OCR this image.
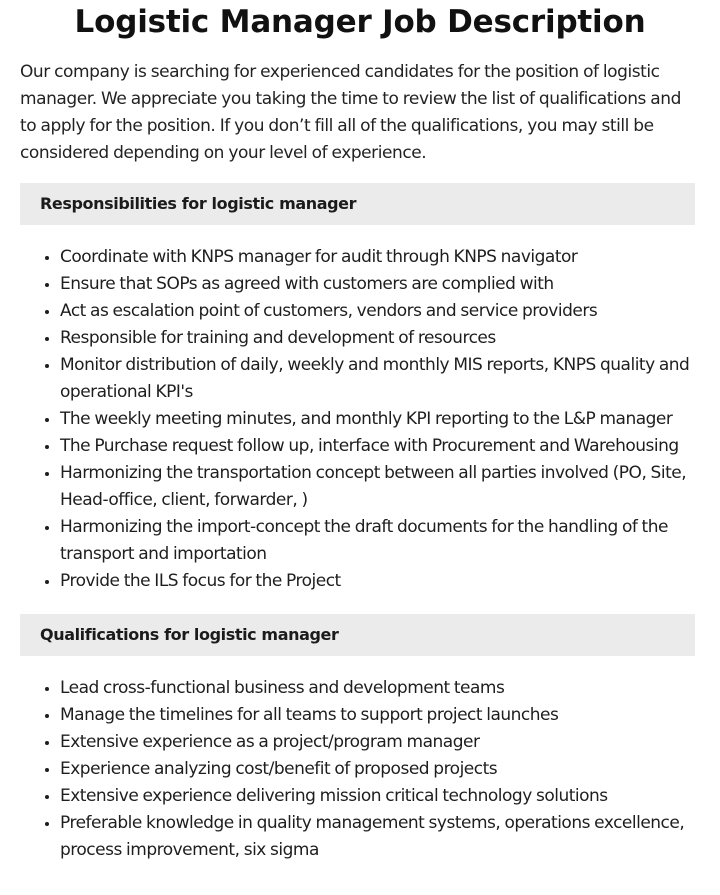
Logistic Manager Job Description

Our company is searching for experienced candidates for the position of logistic manager. We appreciate you taking the time to review the list of qualifications and to apply for the position. If you don’t fill all of the qualifications, you may still be considered depending on your level of experience.

Responsibilities for logistic manager
• Coordinate with KNPS manager for audit through KNPS navigator
• Ensure that SOPs as agreed with customers are complied with
• Act as escalation point of customers, vendors and service providers
• Responsible for training and development of resources
• Monitor distribution of daily, weekly and monthly MIS reports, KNPS quality and operational KPI's
• The weekly meeting minutes, and monthly KPI reporting to the L&P manager
• The Purchase request follow up, interface with Procurement and Warehousing
• Harmonizing the transportation concept between all parties involved (PO, Site, Head-office, client, forwarder, )
• Harmonizing the import-concept the draft documents for the handling of the transport and importation
• Provide the ILS focus for the Project
Qualifications for logistic manager
• Lead cross-functional business and development teams
• Manage the timelines for all teams to support project launches
• Extensive experience as a project/program manager
• Experience analyzing cost/benefit of proposed projects
• Extensive experience delivering mission critical technology solutions
• Preferable knowledge in quality management systems, operations excellence, process improvement, six sigma
